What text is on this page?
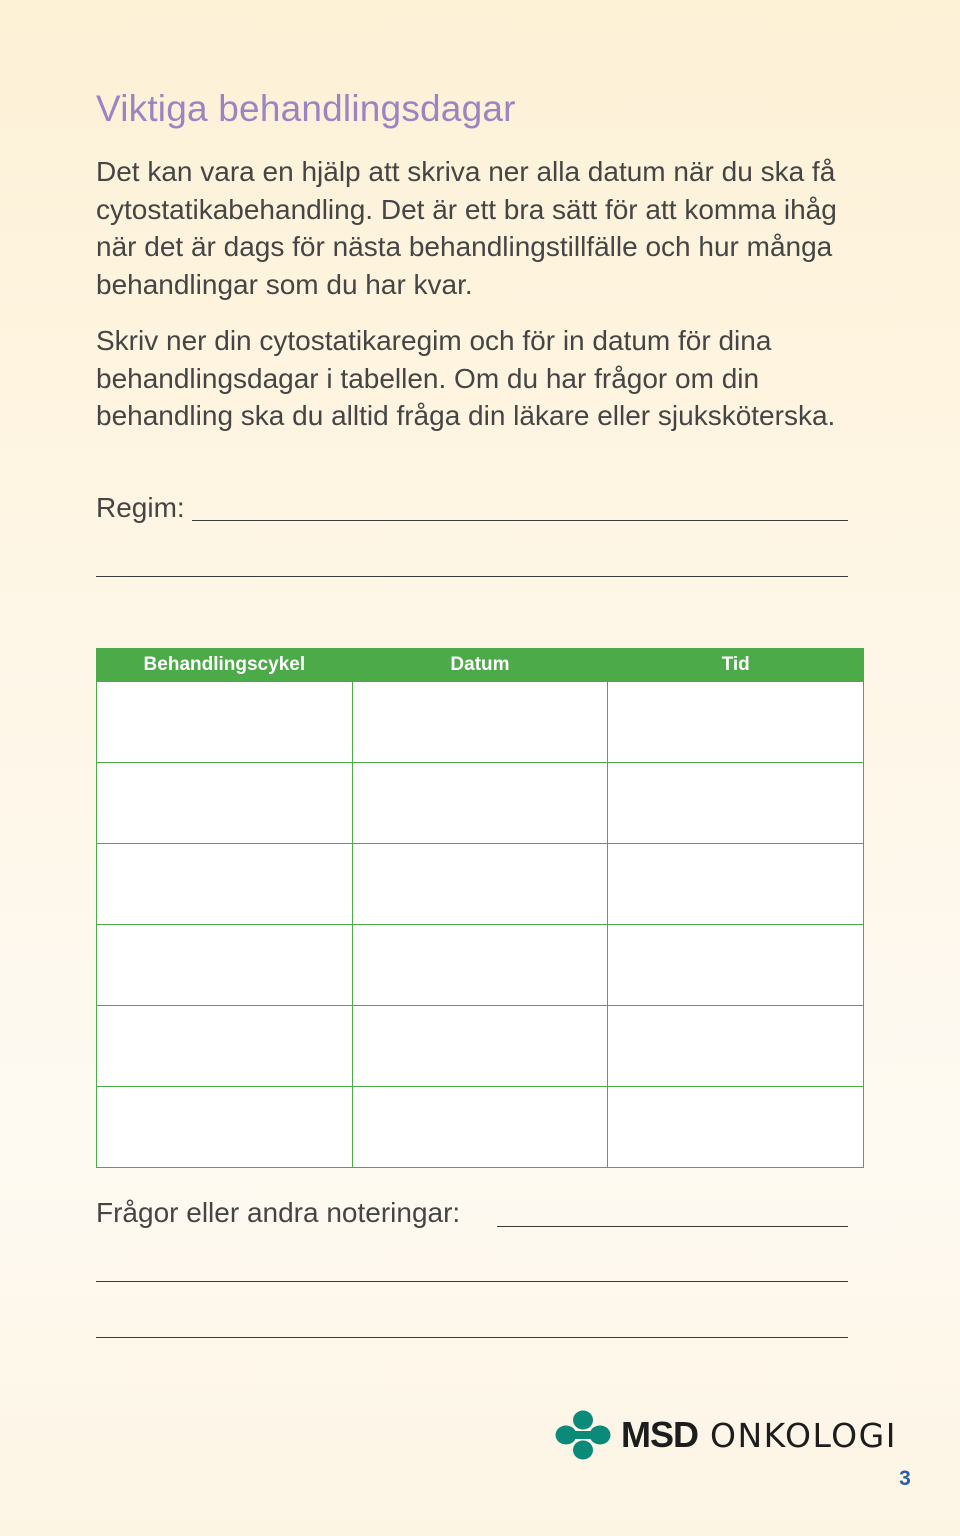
Viktiga behandlingsdagar

Det kan vara en hjälp att skriva ner alla datum när du ska få cytostatikabehandling. Det är ett bra sätt för att komma ihåg när det är dags för nästa behandlingstillfälle och hur många behandlingar som du har kvar.

Skriv ner din cytostatikaregim och för in datum för dina behandlingsdagar i tabellen. Om du har frågor om din behandling ska du alltid fråga din läkare eller sjuksköterska.

Regim:
Behandlingscykel	Datum	Tid

Frågor eller andra noteringar:
MSD ONKOLOGI
3
